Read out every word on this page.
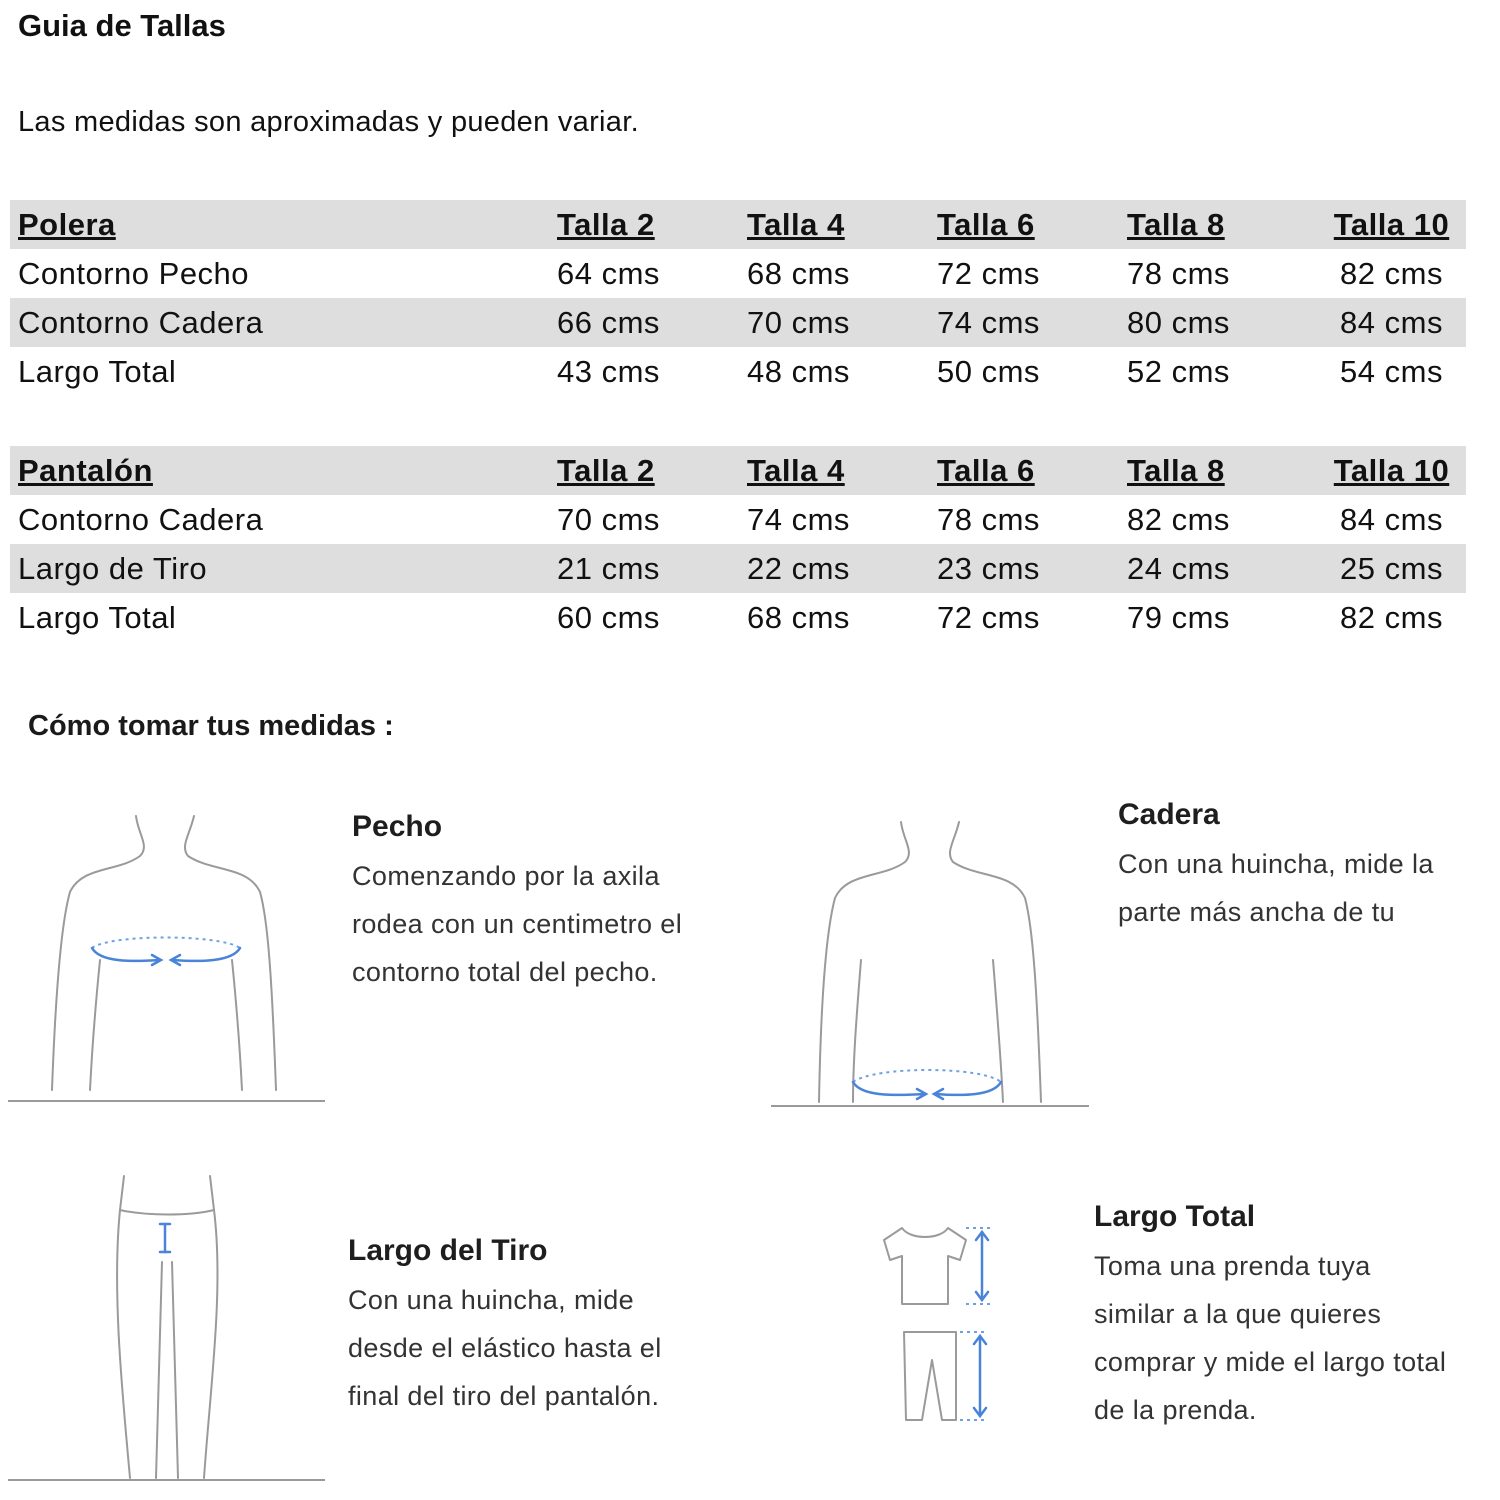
Guia de Tallas
Las medidas son aproximadas y pueden variar.
Polera	Talla 2	Talla 4	Talla 6	Talla 8	Talla 10
Contorno Pecho	64 cms	68 cms	72 cms	78 cms	82 cms
Contorno Cadera	66 cms	70 cms	74 cms	80 cms	84 cms
Largo Total	43 cms	48 cms	50 cms	52 cms	54 cms
Pantalón	Talla 2	Talla 4	Talla 6	Talla 8	Talla 10
Contorno Cadera	70 cms	74 cms	78 cms	82 cms	84 cms
Largo de Tiro	21 cms	22 cms	23 cms	24 cms	25 cms
Largo Total	60 cms	68 cms	72 cms	79 cms	82 cms
Cómo tomar tus medidas :
Pecho

Comenzando por la axila

rodea con un centimetro el

contorno total del pecho.

Cadera

Con una huincha, mide la

parte más ancha de tu

Largo del Tiro

Con una huincha, mide

desde el elástico hasta el

final del tiro del pantalón.

Largo Total

Toma una prenda tuya

similar a la que quieres

comprar y mide el largo total

de la prenda.
